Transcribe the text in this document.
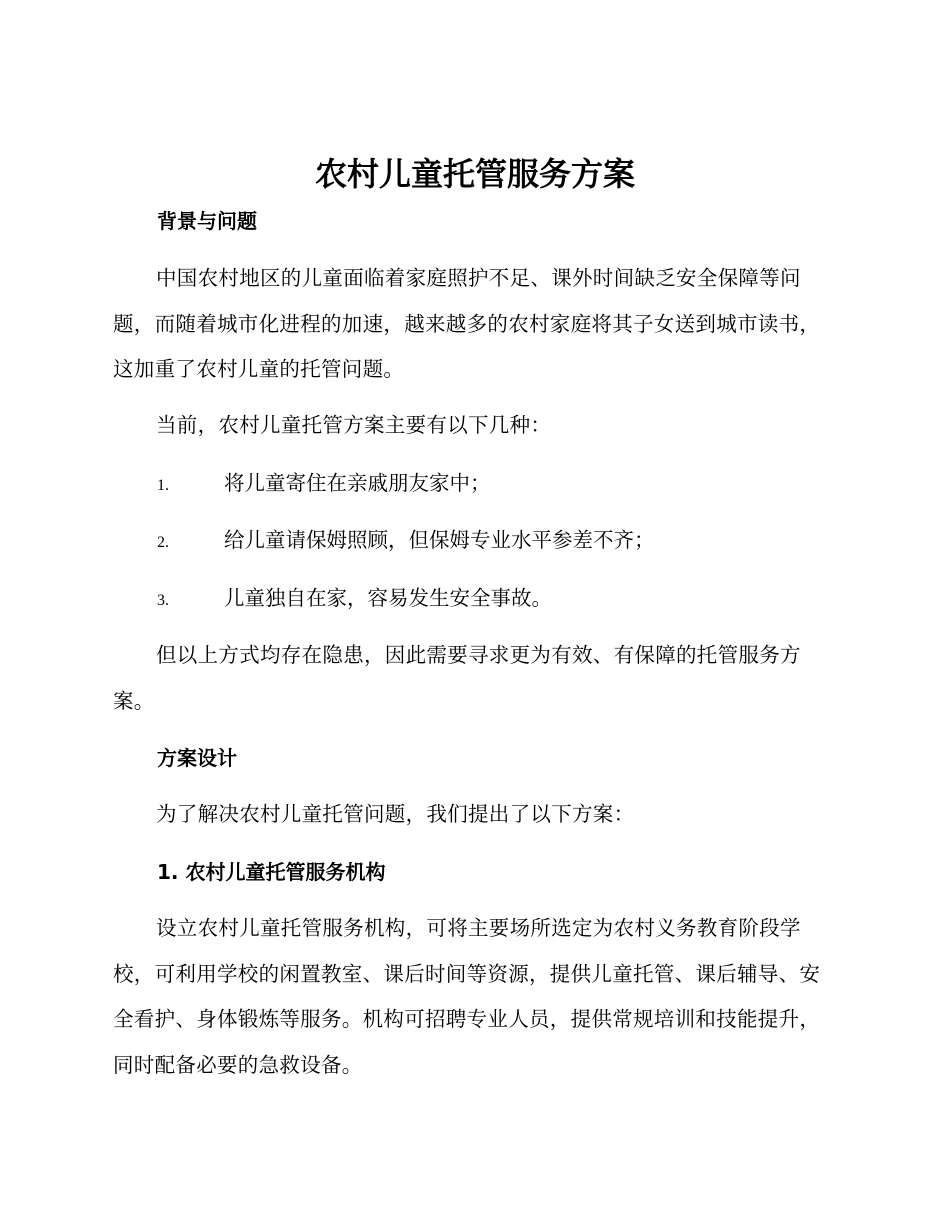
农村儿童托管服务方案
背景与问题

中国农村地区的儿童面临着家庭照护不足、课外时间缺乏安全保障等问题，而随着城市化进程的加速，越来越多的农村家庭将其子女送到城市读书，这加重了农村儿童的托管问题。

当前，农村儿童托管方案主要有以下几种：

1.	将儿童寄住在亲戚朋友家中；
2.	给儿童请保姆照顾，但保姆专业水平参差不齐；
3.	儿童独自在家，容易发生安全事故。

但以上方式均存在隐患，因此需要寻求更为有效、有保障的托管服务方案。

方案设计

为了解决农村儿童托管问题，我们提出了以下方案：

1. 农村儿童托管服务机构

设立农村儿童托管服务机构，可将主要场所选定为农村义务教育阶段学校，可利用学校的闲置教室、课后时间等资源，提供儿童托管、课后辅导、安全看护、身体锻炼等服务。机构可招聘专业人员，提供常规培训和技能提升，同时配备必要的急救设备。
